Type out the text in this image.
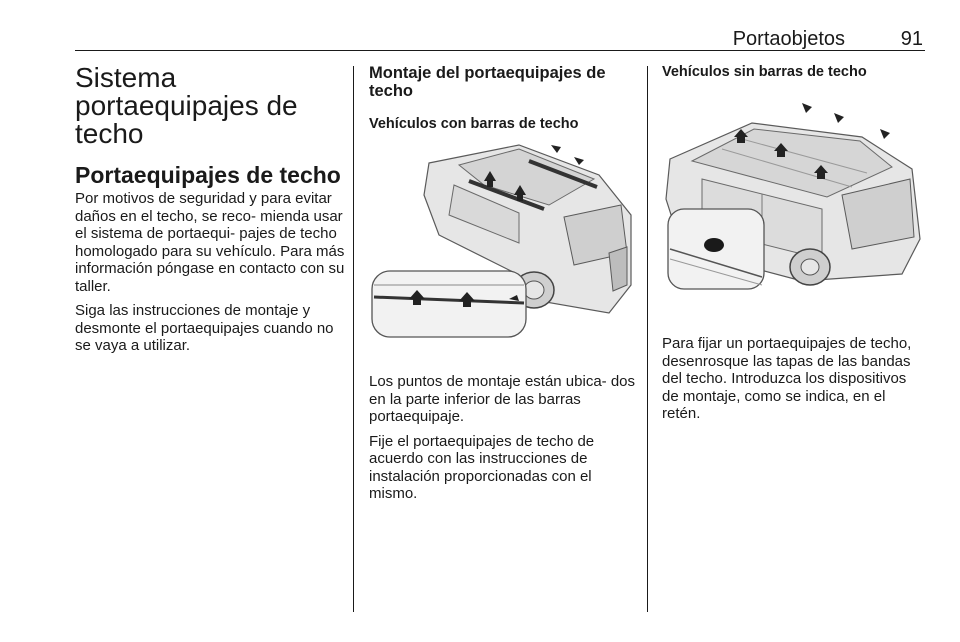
Portaobjetos	91
Sistema portaequipajes de techo
Portaequipajes de techo

Por motivos de seguridad y para evitar daños en el techo, se reco- mienda usar el sistema de portaequi- pajes de techo homologado para su vehículo. Para más información póngase en contacto con su taller.

Siga las instrucciones de montaje y desmonte el portaequipajes cuando no se vaya a utilizar.

Montaje del portaequipajes de techo
Vehículos con barras de techo

Los puntos de montaje están ubica- dos en la parte inferior de las barras portaequipaje.

Fije el portaequipajes de techo de acuerdo con las instrucciones de instalación proporcionadas con el mismo.

Vehículos sin barras de techo

Para fijar un portaequipajes de techo, desenrosque las tapas de las bandas del techo. Introduzca los dispositivos de montaje, como se indica, en el retén.
